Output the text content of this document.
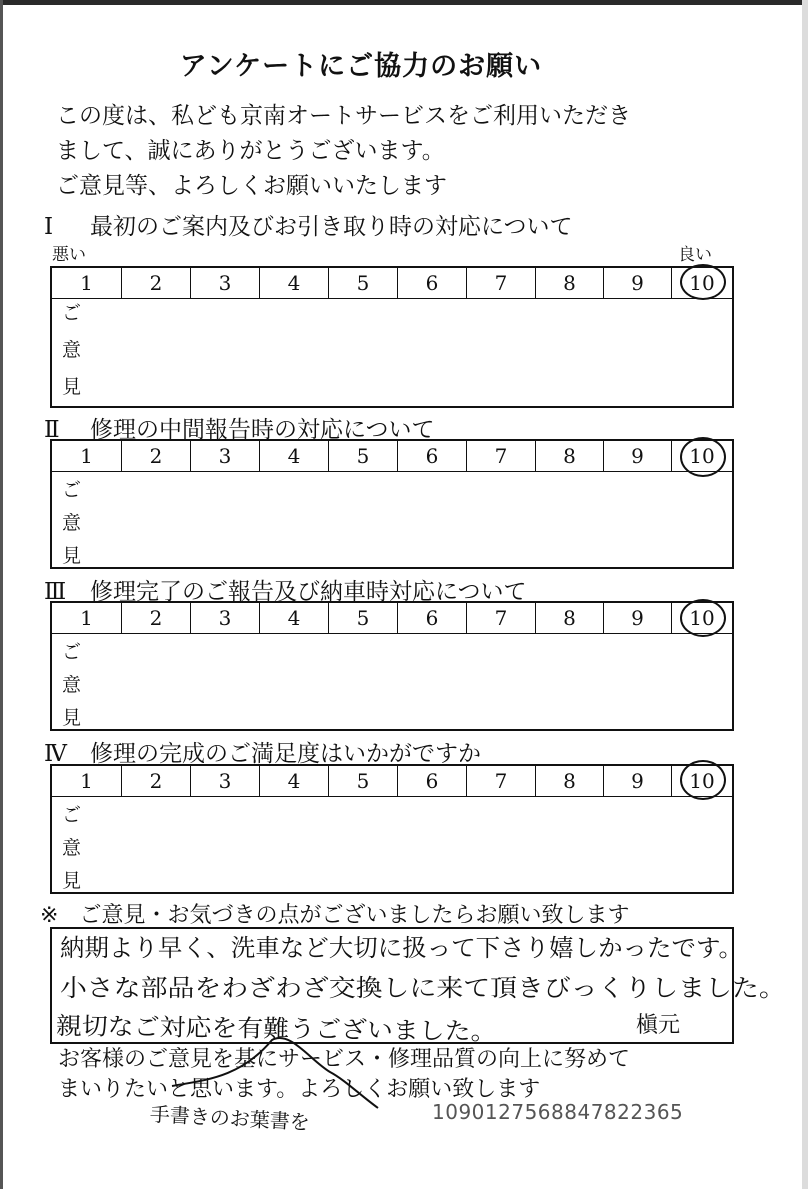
アンケートにご協力のお願い
この度は、私ども京南オートサービスをご利用いただき
まして、誠にありがとうございます。
ご意見等、よろしくお願いいたします
Ⅰ 最初のご案内及びお引き取り時の対応について
悪い	良い
1	2	3	4	5	6	7	8	9	10
ご
意
見
Ⅱ 修理の中間報告時の対応について
1	2	3	4	5	6	7	8	9	10
ご
意
見
Ⅲ 修理完了のご報告及び納車時対応について
1	2	3	4	5	6	7	8	9	10
ご
意
見
Ⅳ 修理の完成のご満足度はいかがですか
1	2	3	4	5	6	7	8	9	10
ご
意
見
※ ご意見・お気づきの点がございましたらお願い致します
納期より早く、洗車など大切に扱って下さり嬉しかったです。
小さな部品をわざわざ交換しに来て頂きびっくりしました。
親切なご対応を有難うございました。	槇元
お客様のご意見を基にサービス・修理品質の向上に努めて
まいりたいと思います。よろしくお願い致します
手書きのお葉書を	10901275688478223​65
